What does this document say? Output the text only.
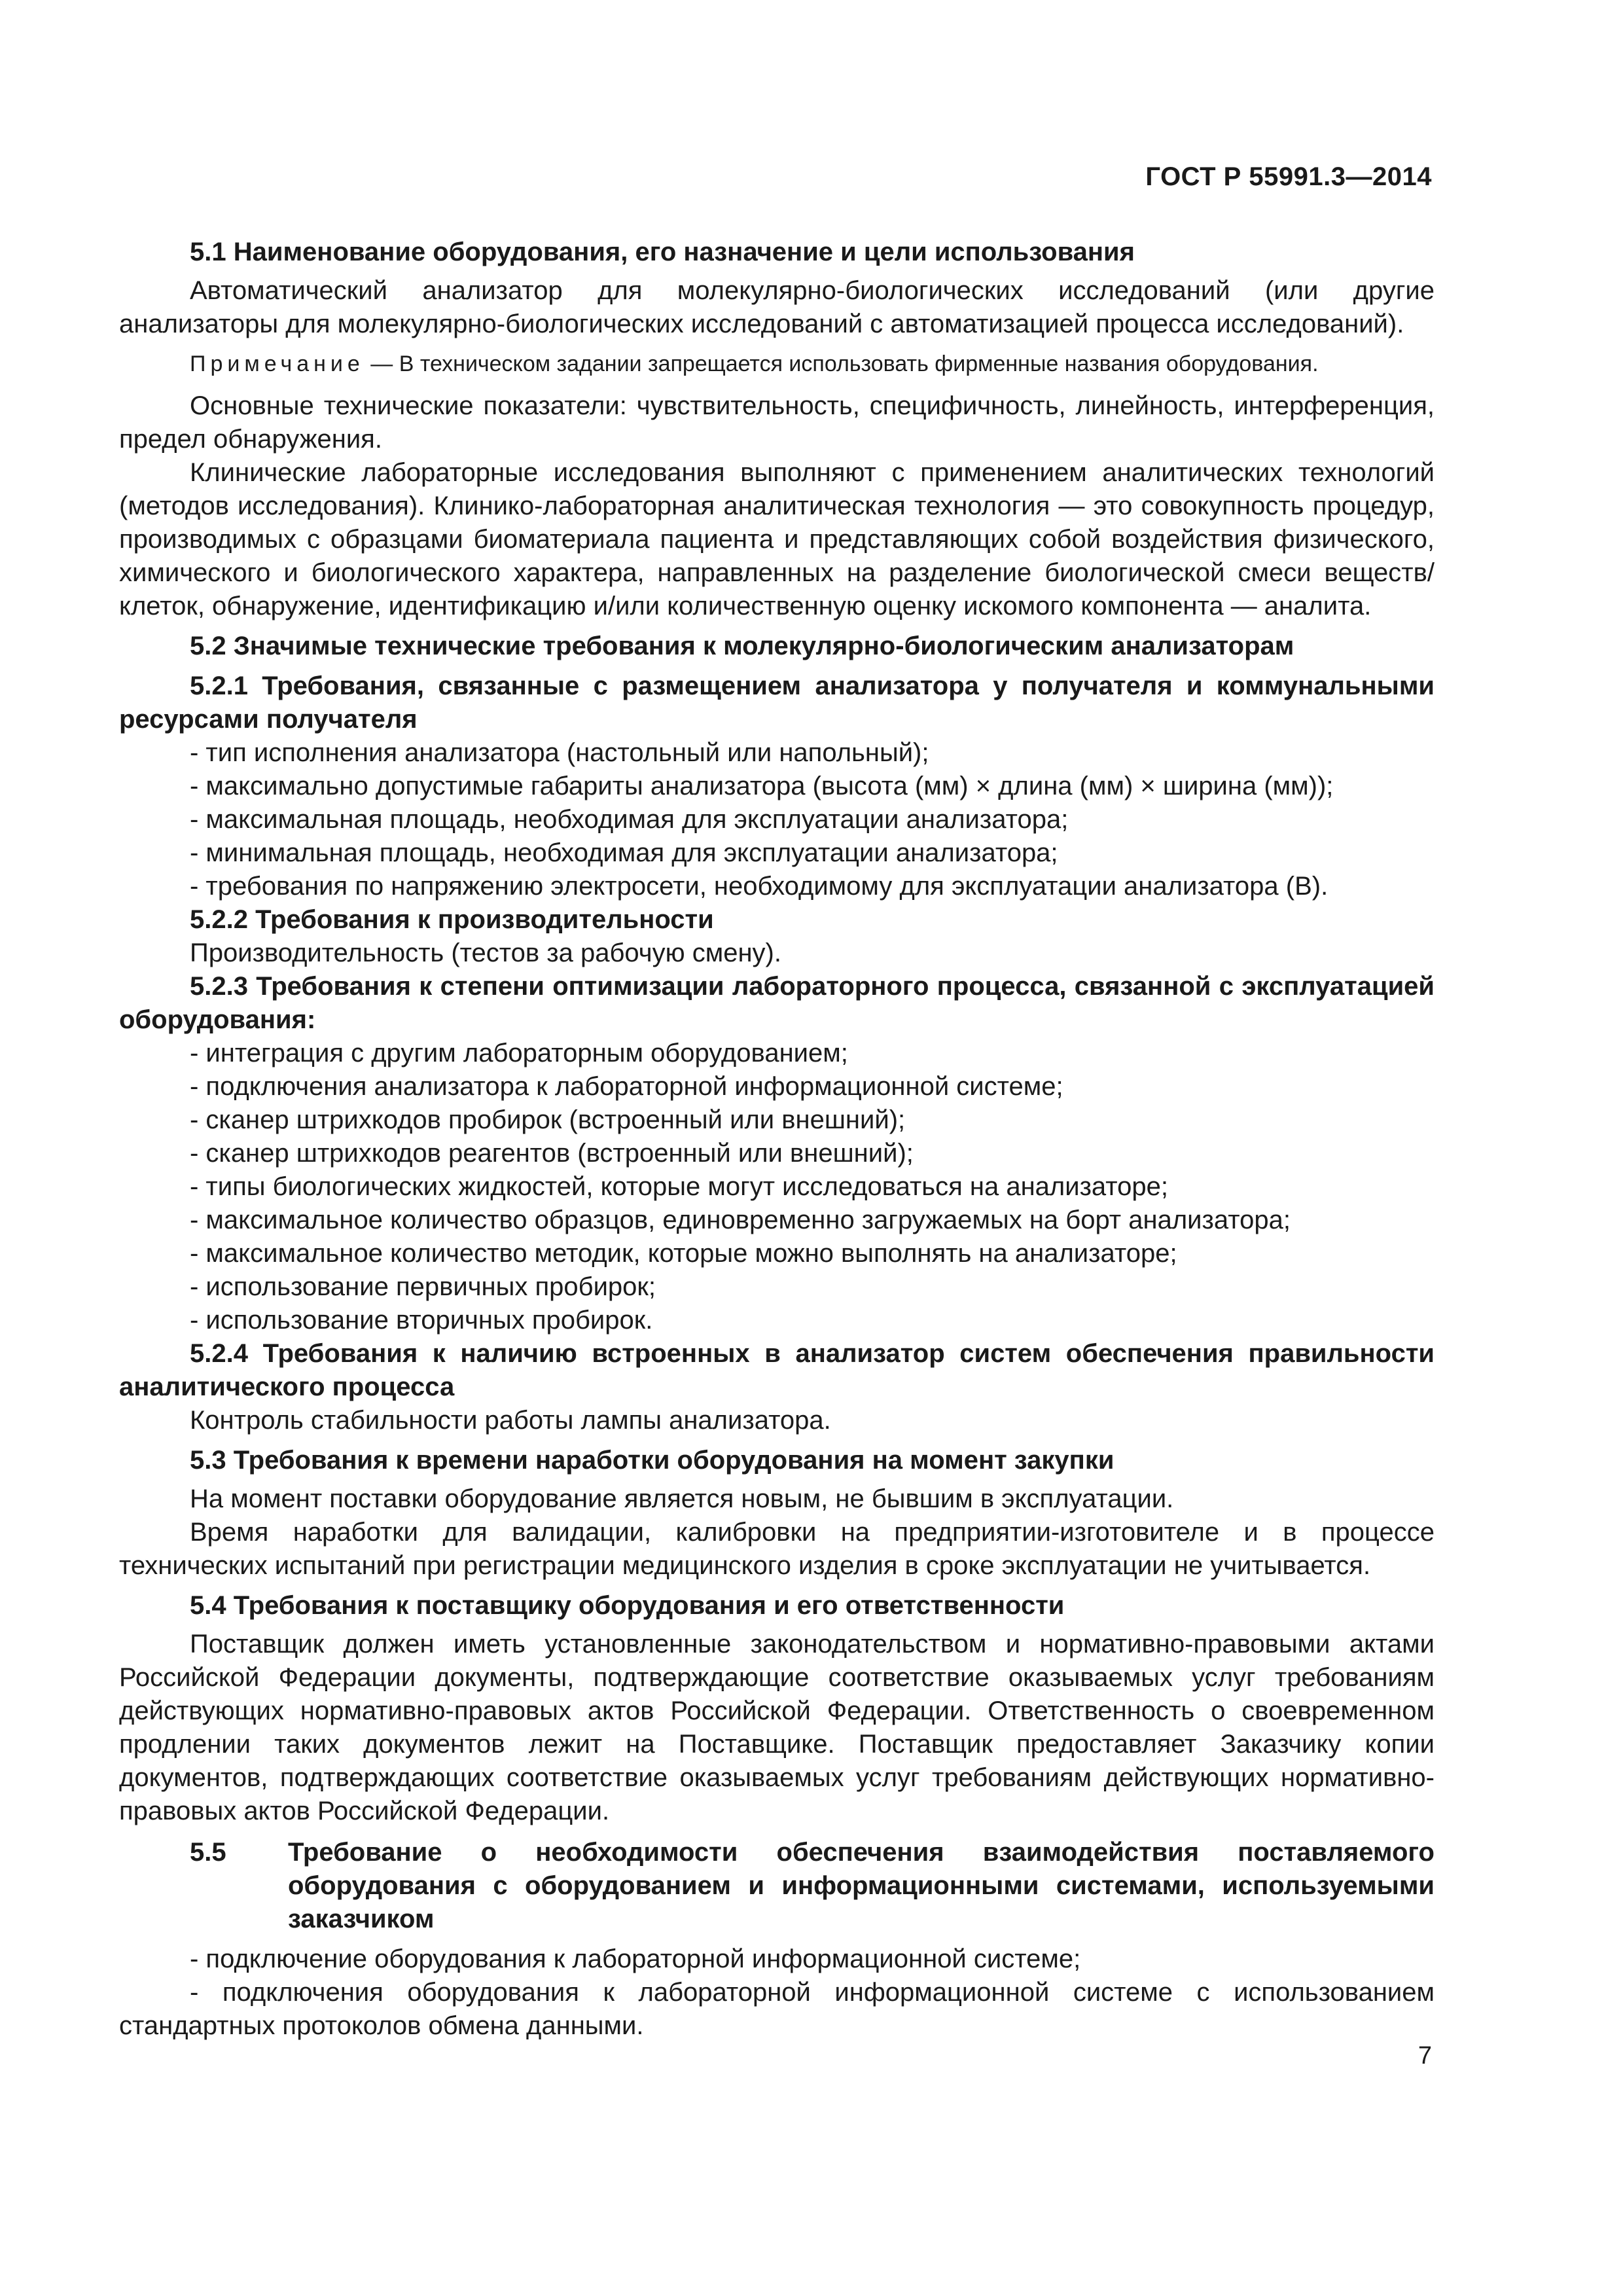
ГОСТ Р 55991.3—2014

5.1 Наименование оборудования, его назначение и цели использования

Автоматический анализатор для молекулярно-биологических исследований (или другие анализаторы для молекулярно-биологических исследований с автоматизацией процесса исследований).

Примечание — В техническом задании запрещается использовать фирменные названия оборудования.

Основные технические показатели: чувствительность, специфичность, линейность, интерференция, предел обнаружения.

Клинические лабораторные исследования выполняют с применением аналитических технологий (методов исследования). Клинико-лабораторная аналитическая технология — это совокупность процедур, производимых с образцами биоматериала пациента и представляющих собой воздействия физического, химического и биологического характера, направленных на разделение биологической смеси веществ/клеток, обнаружение, идентификацию и/или количественную оценку искомого компонента — аналита.

5.2 Значимые технические требования к молекулярно-биологическим анализаторам

5.2.1 Требования, связанные с размещением анализатора у получателя и коммунальными ресурсами получателя

- тип исполнения анализатора (настольный или напольный);

- максимально допустимые габариты анализатора (высота (мм) × длина (мм) × ширина (мм));

- максимальная площадь, необходимая для эксплуатации анализатора;

- минимальная площадь, необходимая для эксплуатации анализатора;

- требования по напряжению электросети, необходимому для эксплуатации анализатора (В).

5.2.2 Требования к производительности

Производительность (тестов за рабочую смену).

5.2.3 Требования к степени оптимизации лабораторного процесса, связанной с эксплуатацией оборудования:

- интеграция с другим лабораторным оборудованием;

- подключения анализатора к лабораторной информационной системе;

- сканер штрихкодов пробирок (встроенный или внешний);

- сканер штрихкодов реагентов (встроенный или внешний);

- типы биологических жидкостей, которые могут исследоваться на анализаторе;

- максимальное количество образцов, единовременно загружаемых на борт анализатора;

- максимальное количество методик, которые можно выполнять на анализаторе;

- использование первичных пробирок;

- использование вторичных пробирок.

5.2.4 Требования к наличию встроенных в анализатор систем обеспечения правильности аналитического процесса

Контроль стабильности работы лампы анализатора.

5.3 Требования к времени наработки оборудования на момент закупки

На момент поставки оборудование является новым, не бывшим в эксплуатации.

Время наработки для валидации, калибровки на предприятии-изготовителе и в процессе технических испытаний при регистрации медицинского изделия в сроке эксплуатации не учитывается.

5.4 Требования к поставщику оборудования и его ответственности

Поставщик должен иметь установленные законодательством и нормативно-правовыми актами Российской Федерации документы, подтверждающие соответствие оказываемых услуг требованиям действующих нормативно-правовых актов Российской Федерации. Ответственность о своевременном продлении таких документов лежит на Поставщике. Поставщик предоставляет Заказчику копии документов, подтверждающих соответствие оказываемых услуг требованиям действующих нормативно-правовых актов Российской Федерации.

5.5	Требование о необходимости обеспечения взаимодействия поставляемого оборудования с оборудованием и информационными системами, используемыми заказчиком

- подключение оборудования к лабораторной информационной системе;

- подключения оборудования к лабораторной информационной системе с использованием стандартных протоколов обмена данными.

7
